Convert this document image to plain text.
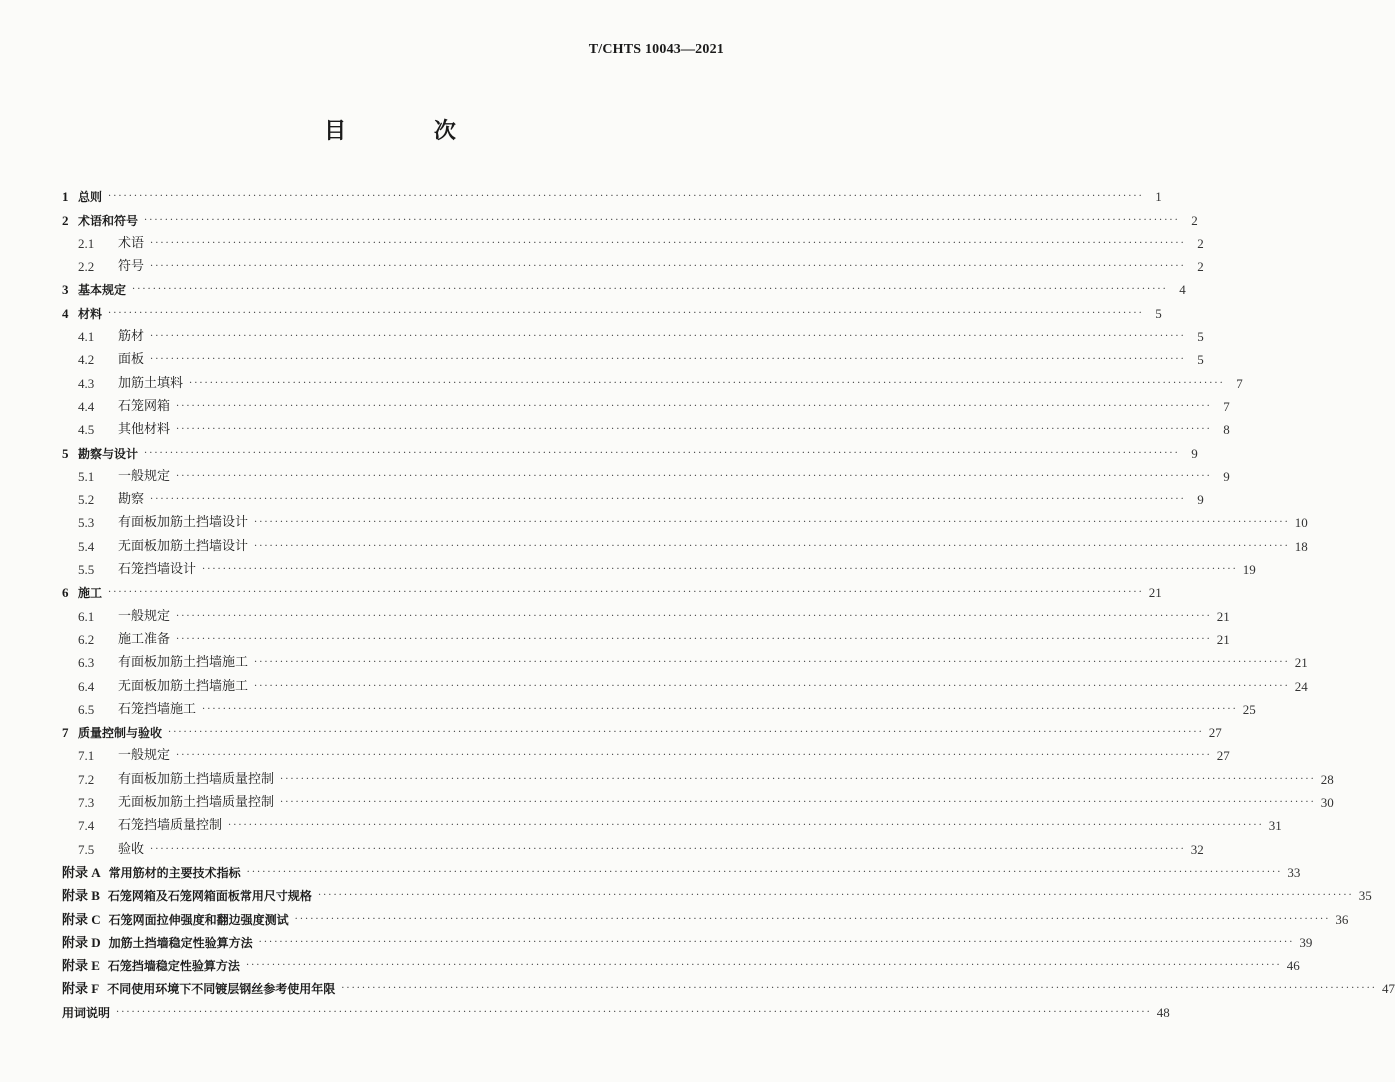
T/CHTS 10043—2021
目 次
1 总则 ········································································································································································································ 1
2 术语和符号 ········································································································································································································ 2
2.1	术语 ········································································································································································································ 2
2.2	符号 ········································································································································································································ 2
3 基本规定 ········································································································································································································ 4
4 材料 ········································································································································································································ 5
4.1	筋材 ········································································································································································································ 5
4.2	面板 ········································································································································································································ 5
4.3	加筋土填料 ········································································································································································································ 7
4.4	石笼网箱 ········································································································································································································ 7
4.5	其他材料 ········································································································································································································ 8
5 勘察与设计 ········································································································································································································ 9
5.1	一般规定 ········································································································································································································ 9
5.2	勘察 ········································································································································································································ 9
5.3	有面板加筋土挡墙设计 ········································································································································································································ 10
5.4	无面板加筋土挡墙设计 ········································································································································································································ 18
5.5	石笼挡墙设计 ········································································································································································································ 19
6 施工 ········································································································································································································ 21
6.1	一般规定 ········································································································································································································ 21
6.2	施工准备 ········································································································································································································ 21
6.3	有面板加筋土挡墙施工 ········································································································································································································ 21
6.4	无面板加筋土挡墙施工 ········································································································································································································ 24
6.5	石笼挡墙施工 ········································································································································································································ 25
7 质量控制与验收 ········································································································································································································ 27
7.1	一般规定 ········································································································································································································ 27
7.2	有面板加筋土挡墙质量控制 ········································································································································································································ 28
7.3	无面板加筋土挡墙质量控制 ········································································································································································································ 30
7.4	石笼挡墙质量控制 ········································································································································································································ 31
7.5	验收 ········································································································································································································ 32
附录 A 常用筋材的主要技术指标 ········································································································································································································ 33
附录 B 石笼网箱及石笼网箱面板常用尺寸规格 ········································································································································································································ 35
附录 C 石笼网面拉伸强度和翻边强度测试 ········································································································································································································ 36
附录 D 加筋土挡墙稳定性验算方法 ········································································································································································································ 39
附录 E 石笼挡墙稳定性验算方法 ········································································································································································································ 46
附录 F 不同使用环境下不同镀层钢丝参考使用年限 ········································································································································································································ 47
用词说明 ········································································································································································································ 48
